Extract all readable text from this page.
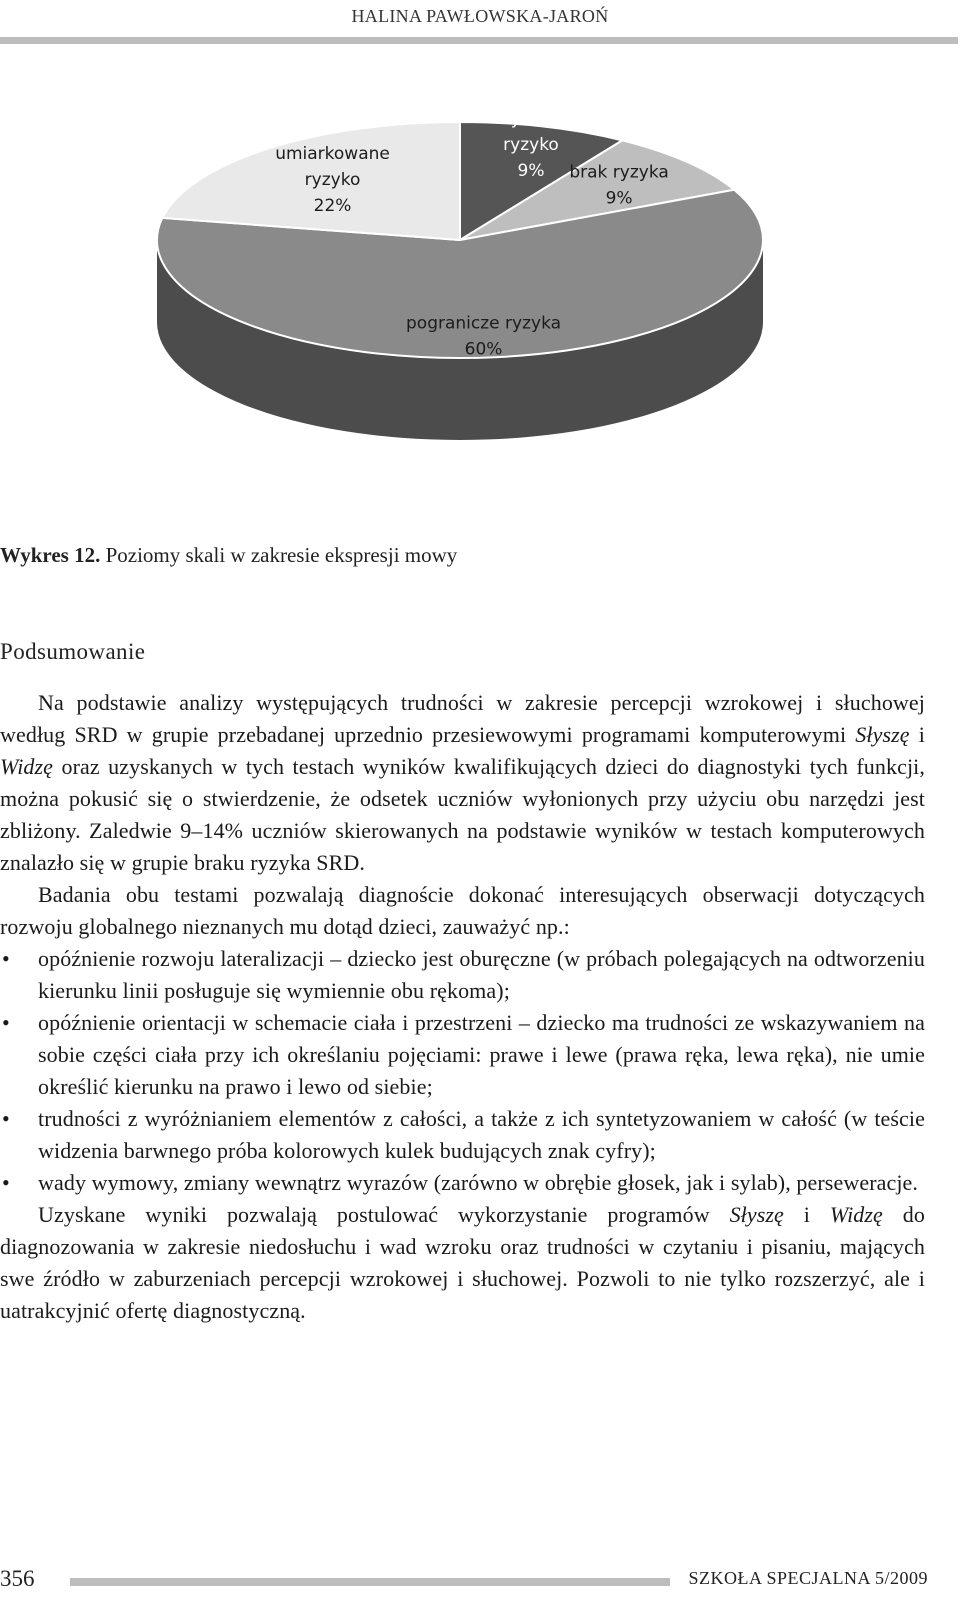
HALINA PAWŁOWSKA-JAROŃ
wysokie
ryzyko
9% brak ryzyka
9%
pogranicze ryzyka
60%
umiarkowane
ryzyko
22%
Wykres 12. Poziomy skali w zakresie ekspresji mowy
Podsumowanie

Na podstawie analizy występujących trudności w zakresie percepcji wzrokowej i słuchowej według SRD w grupie przebadanej uprzednio przesiewowymi programami komputerowymi Słyszę i Widzę oraz uzyskanych w tych testach wyników kwalifikujących dzieci do diagnostyki tych funkcji, można pokusić się o stwierdzenie, że odsetek uczniów wyłonionych przy użyciu obu narzędzi jest zbliżony. Zaledwie 9–14% uczniów skierowanych na podstawie wyników w testach komputerowych znalazło się w grupie braku ryzyka SRD.

Badania obu testami pozwalają diagnoście dokonać interesujących obserwacji dotyczących rozwoju globalnego nieznanych mu dotąd dzieci, zauważyć np.:

• opóźnienie rozwoju lateralizacji – dziecko jest oburęczne (w próbach polegających na odtworzeniu kierunku linii posługuje się wymiennie obu rękoma);
• opóźnienie orientacji w schemacie ciała i przestrzeni – dziecko ma trudności ze wskazywaniem na sobie części ciała przy ich określaniu pojęciami: prawe i lewe (prawa ręka, lewa ręka), nie umie określić kierunku na prawo i lewo od siebie;
• trudności z wyróżnianiem elementów z całości, a także z ich syntetyzowaniem w całość (w teście widzenia barwnego próba kolorowych kulek budujących znak cyfry);
• wady wymowy, zmiany wewnątrz wyrazów (zarówno w obrębie głosek, jak i sylab), perseweracje.

Uzyskane wyniki pozwalają postulować wykorzystanie programów Słyszę i Widzę do diagnozowania w zakresie niedosłuchu i wad wzroku oraz trudności w czytaniu i pisaniu, mających swe źródło w zaburzeniach percepcji wzrokowej i słuchowej. Pozwoli to nie tylko rozszerzyć, ale i uatrakcyjnić ofertę diagnostyczną.

356	SZKOŁA SPECJALNA 5/2009
